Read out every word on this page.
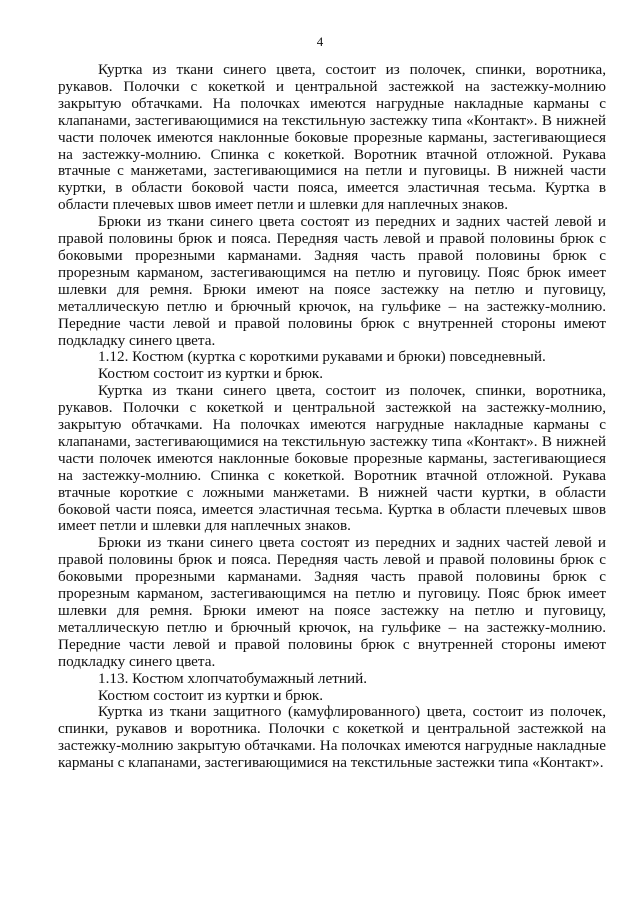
4

Куртка из ткани синего цвета, состоит из полочек, спинки, воротника, рукавов. Полочки с кокеткой и центральной застежкой на застежку-молнию закрытую обтачками. На полочках имеются нагрудные накладные карманы с клапанами, застегивающимися на текстильную застежку типа «Контакт». В нижней части полочек имеются наклонные боковые прорезные карманы, застегивающиеся на застежку-молнию. Спинка с кокеткой. Воротник втачной отложной. Рукава втачные с манжетами, застегивающимися на петли и пуговицы. В нижней части куртки, в области боковой части пояса, имеется эластичная тесьма. Куртка в области плечевых швов имеет петли и шлевки для наплечных знаков.

Брюки из ткани синего цвета состоят из передних и задних частей левой и правой половины брюк и пояса. Передняя часть левой и правой половины брюк с боковыми прорезными карманами. Задняя часть правой половины брюк с прорезным карманом, застегивающимся на петлю и пуговицу. Пояс брюк имеет шлевки для ремня. Брюки имеют на поясе застежку на петлю и пуговицу, металлическую петлю и брючный крючок, на гульфике – на застежку-молнию. Передние части левой и правой половины брюк с внутренней стороны имеют подкладку синего цвета.

1.12. Костюм (куртка с короткими рукавами и брюки) повседневный.

Костюм состоит из куртки и брюк.

Куртка из ткани синего цвета, состоит из полочек, спинки, воротника, рукавов. Полочки с кокеткой и центральной застежкой на застежку-молнию, закрытую обтачками. На полочках имеются нагрудные накладные карманы с клапанами, застегивающимися на текстильную застежку типа «Контакт». В нижней части полочек имеются наклонные боковые прорезные карманы, застегивающиеся на застежку-молнию. Спинка с кокеткой. Воротник втачной отложной. Рукава втачные короткие с ложными манжетами. В нижней части куртки, в области боковой части пояса, имеется эластичная тесьма. Куртка в области плечевых швов имеет петли и шлевки для наплечных знаков.

Брюки из ткани синего цвета состоят из передних и задних частей левой и правой половины брюк и пояса. Передняя часть левой и правой половины брюк с боковыми прорезными карманами. Задняя часть правой половины брюк с прорезным карманом, застегивающимся на петлю и пуговицу. Пояс брюк имеет шлевки для ремня. Брюки имеют на поясе застежку на петлю и пуговицу, металлическую петлю и брючный крючок, на гульфике – на застежку-молнию. Передние части левой и правой половины брюк с внутренней стороны имеют подкладку синего цвета.

1.13. Костюм хлопчатобумажный летний.

Костюм состоит из куртки и брюк.

Куртка из ткани защитного (камуфлированного) цвета, состоит из полочек, спинки, рукавов и воротника. Полочки с кокеткой и центральной застежкой на застежку-молнию закрытую обтачками. На полочках имеются нагрудные накладные карманы с клапанами, застегивающимися на текстильные застежки типа «Контакт».
